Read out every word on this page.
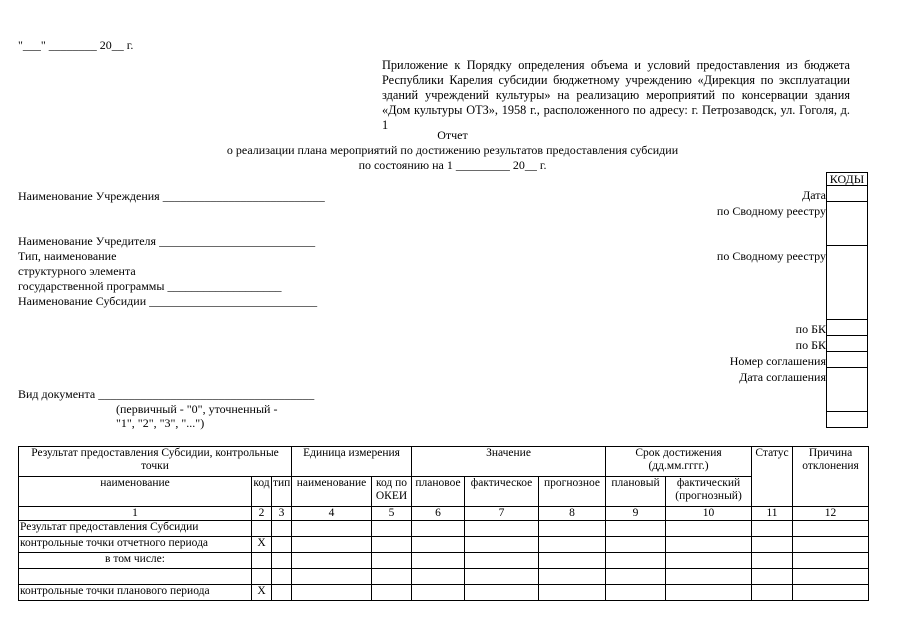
"___" ________ 20__ г.
Приложение к Порядку определения объема и условий предоставления из бюджета Республики Карелия субсидии бюджетному учреждению «Дирекция по эксплуатации зданий учреждений культуры» на реализацию мероприятий по консервации здания «Дом культуры ОТЗ», 1958 г., расположенного по адресу: г. Петрозаводск, ул. Гоголя, д. 1
Отчет
о реализации плана мероприятий по достижению результатов предоставления субсидии
по состоянию на 1 _________ 20__ г.
Наименование Учреждения ___________________________
Наименование Учредителя __________________________
Тип, наименование
структурного элемента
государственной программы ___________________
Наименование Субсидии ____________________________
Вид документа ____________________________________
(первичный - "0", уточненный -
"1", "2", "3", "...")
Дата
по Сводному реестру
по Сводному реестру
по БК
по БК
Номер соглашения
Дата соглашения
КОДЫ
Результат предоставления Субсидии, контрольные точки			Единица измерения		Значение			Срок достижения (дд.мм.гггг.)		Статус	Причина отклонения
наименование	код	тип	наименование	код по ОКЕИ	плановое	фактическое	прогнозное	плановый	фактический (прогнозный)		
1	2	3	4	5	6	7	8	9	10	11	12
Результат предоставления Субсидии											
контрольные точки отчетного периода	X										
в том числе:											

контрольные точки планового периода	X										
